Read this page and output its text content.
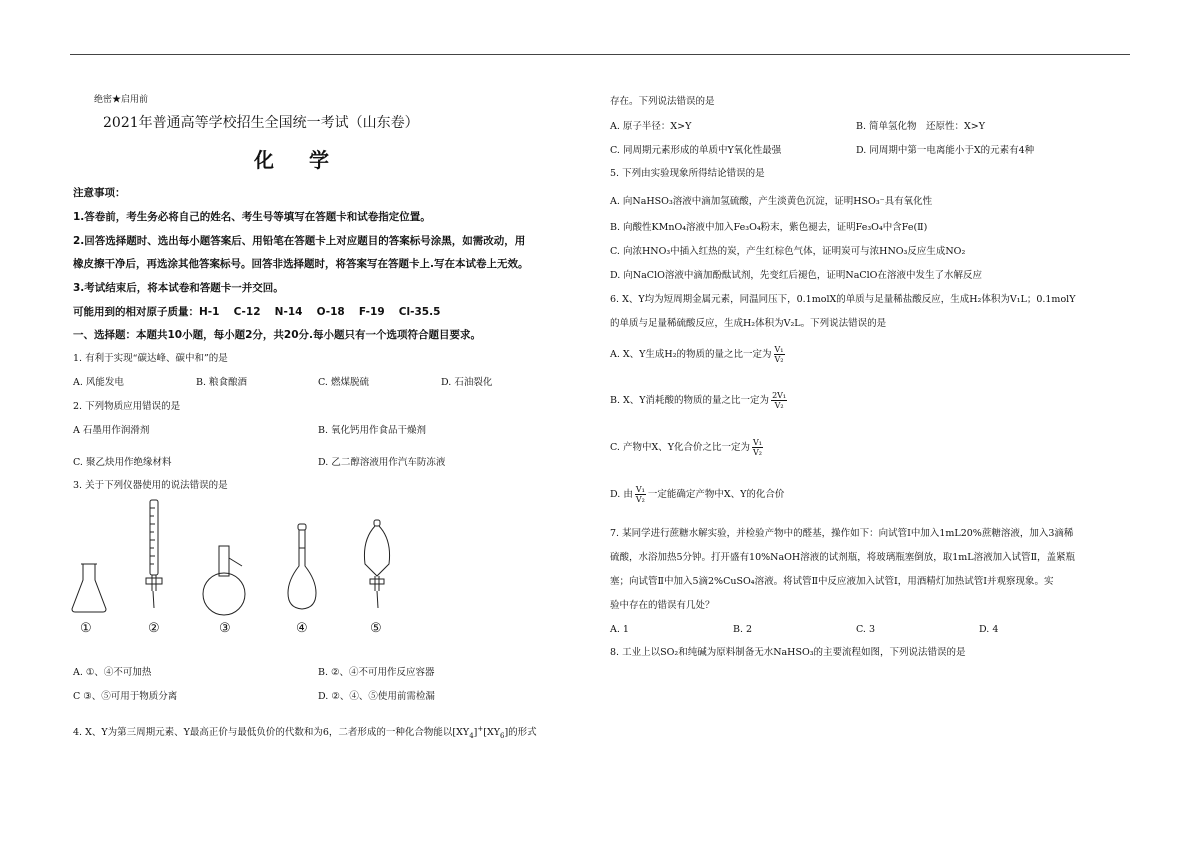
绝密★启用前
2021年普通高等学校招生全国统一考试（山东卷）
化 学
注意事项：
1.答卷前，考生务必将自己的姓名、考生号等填写在答题卡和试卷指定位置。
2.回答选择题时、选出每小题答案后、用铅笔在答题卡上对应题目的答案标号涂黑，如需改动，用
橡皮擦干净后，再选涂其他答案标号。回答非选择题时，将答案写在答题卡上.写在本试卷上无效。
3.考试结束后，将本试卷和答题卡一并交回。
可能用到的相对原子质量：H-1　 C-12　 N-14　 O-18　 F-19　 Cl-35.5
一、选择题：本题共10小题，每小题2分，共20分.每小题只有一个选项符合题目要求。
1. 有利于实现“碳达峰、碳中和”的是
A. 风能发电	B. 粮食酿酒	C. 燃煤脱硫	D. 石油裂化
2. 下列物质应用错误的是
A 石墨用作润滑剂	B. 氧化钙用作食品干燥剂
C. 聚乙炔用作绝缘材料	D. 乙二醇溶液用作汽车防冻液
3. 关于下列仪器使用的说法错误的是
①	②	③	④	⑤
A. ①、④不可加热	B. ②、④不可用作反应容器
C ③、⑤可用于物质分离	D. ②、④、⑤使用前需检漏
4. X、Y为第三周期元素、Y最高正价与最低负价的代数和为6，二者形成的一种化合物能以$[XY_4]^+[XY_6]$的形式
存在。下列说法错误的是
A. 原子半径：X>Y	B. 简单氢化物　还原性：X>Y
C. 同周期元素形成的单质中Y氧化性最强	D. 同周期中第一电离能小于X的元素有4种
5. 下列由实验现象所得结论错误的是
A. 向NaHSO₃溶液中滴加氢硫酸，产生淡黄色沉淀，证明HSO₃⁻具有氧化性
B. 向酸性KMnO₄溶液中加入Fe₃O₄粉末，紫色褪去，证明Fe₃O₄中含Fe(Ⅱ)
C. 向浓HNO₃中插入红热的炭，产生红棕色气体，证明炭可与浓HNO₃反应生成NO₂
D. 向NaClO溶液中滴加酚酞试剂，先变红后褪色，证明NaClO在溶液中发生了水解反应
6. X、Y均为短周期金属元素，同温同压下，0.1molX的单质与足量稀盐酸反应，生成H₂体积为V₁L；0.1molY
的单质与足量稀硫酸反应，生成H₂体积为V₂L。下列说法错误的是
A. X、Y生成H₂的物质的量之比一定为 $\frac{\text{V₁}}{\text{V₂}}$
B. X、Y消耗酸的物质的量之比一定为 $\frac{\text{2V₁}}{\text{V₂}}$
C. 产物中X、Y化合价之比一定为 $\frac{\text{V₁}}{\text{V₂}}$
D. 由 $\frac{\text{V₁}}{\text{V₂}}$ 一定能确定产物中X、Y的化合价
7. 某同学进行蔗糖水解实验，并检验产物中的醛基，操作如下：向试管Ⅰ中加入1mL20%蔗糖溶液，加入3滴稀
硫酸，水浴加热5分钟。打开盛有10%NaOH溶液的试剂瓶，将玻璃瓶塞倒放，取1mL溶液加入试管Ⅱ，盖紧瓶
塞；向试管Ⅱ中加入5滴2%CuSO₄溶液。将试管Ⅱ中反应液加入试管Ⅰ，用酒精灯加热试管Ⅰ并观察现象。实
验中存在的错误有几处？
A. 1	B. 2	C. 3	D. 4
8. 工业上以SO₂和纯碱为原料制备无水NaHSO₃的主要流程如图，下列说法错误的是
